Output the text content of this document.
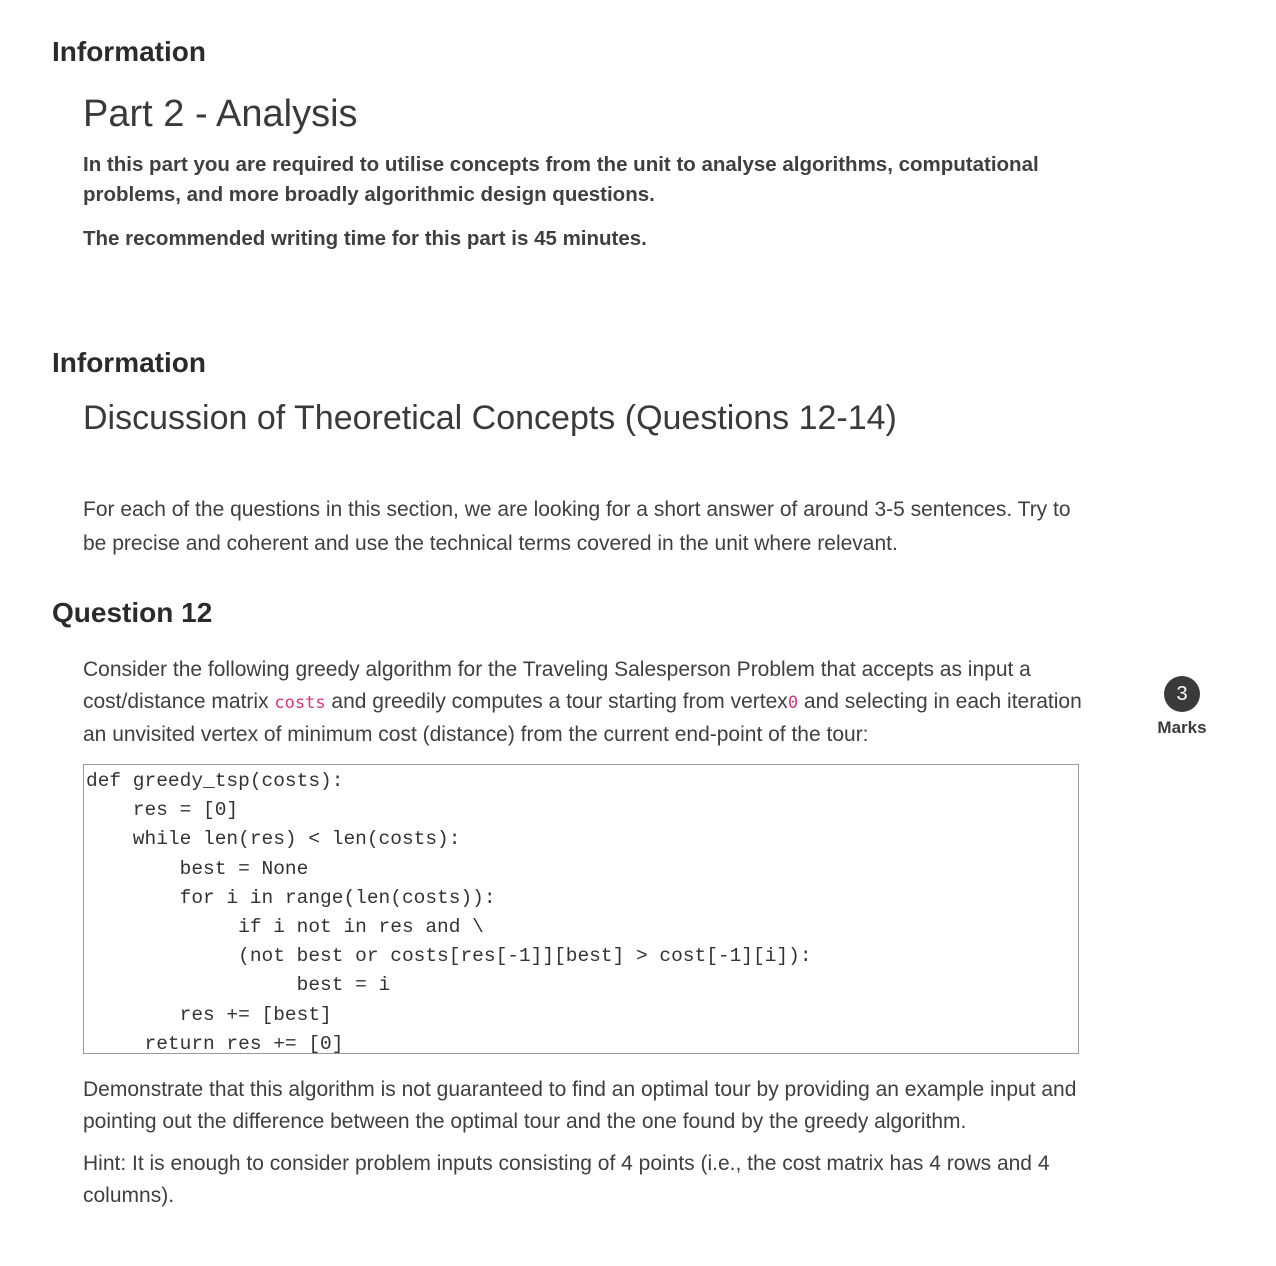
Information
Part 2 - Analysis

In this part you are required to utilise concepts from the unit to analyse algorithms, computational problems, and more broadly algorithmic design questions.

The recommended writing time for this part is 45 minutes.

Information
Discussion of Theoretical Concepts (Questions 12-14)

For each of the questions in this section, we are looking for a short answer of around 3-5 sentences. Try to be precise and coherent and use the technical terms covered in the unit where relevant.

Question 12

Consider the following greedy algorithm for the Traveling Salesperson Problem that accepts as input a cost/distance matrix costs and greedily computes a tour starting from vertex0 and selecting in each iteration an unvisited vertex of minimum cost (distance) from the current end-point of the tour:

3
Marks
def greedy_tsp(costs):
res = [0]
while len(res) < len(costs):
best = None
for i in range(len(costs)):
if i not in res and \
(not best or costs[res[-1]][best] > cost[-1][i]):
best = i
res += [best]
return res += [0]

Demonstrate that this algorithm is not guaranteed to find an optimal tour by providing an example input and pointing out the difference between the optimal tour and the one found by the greedy algorithm.

Hint: It is enough to consider problem inputs consisting of 4 points (i.e., the cost matrix has 4 rows and 4 columns).
